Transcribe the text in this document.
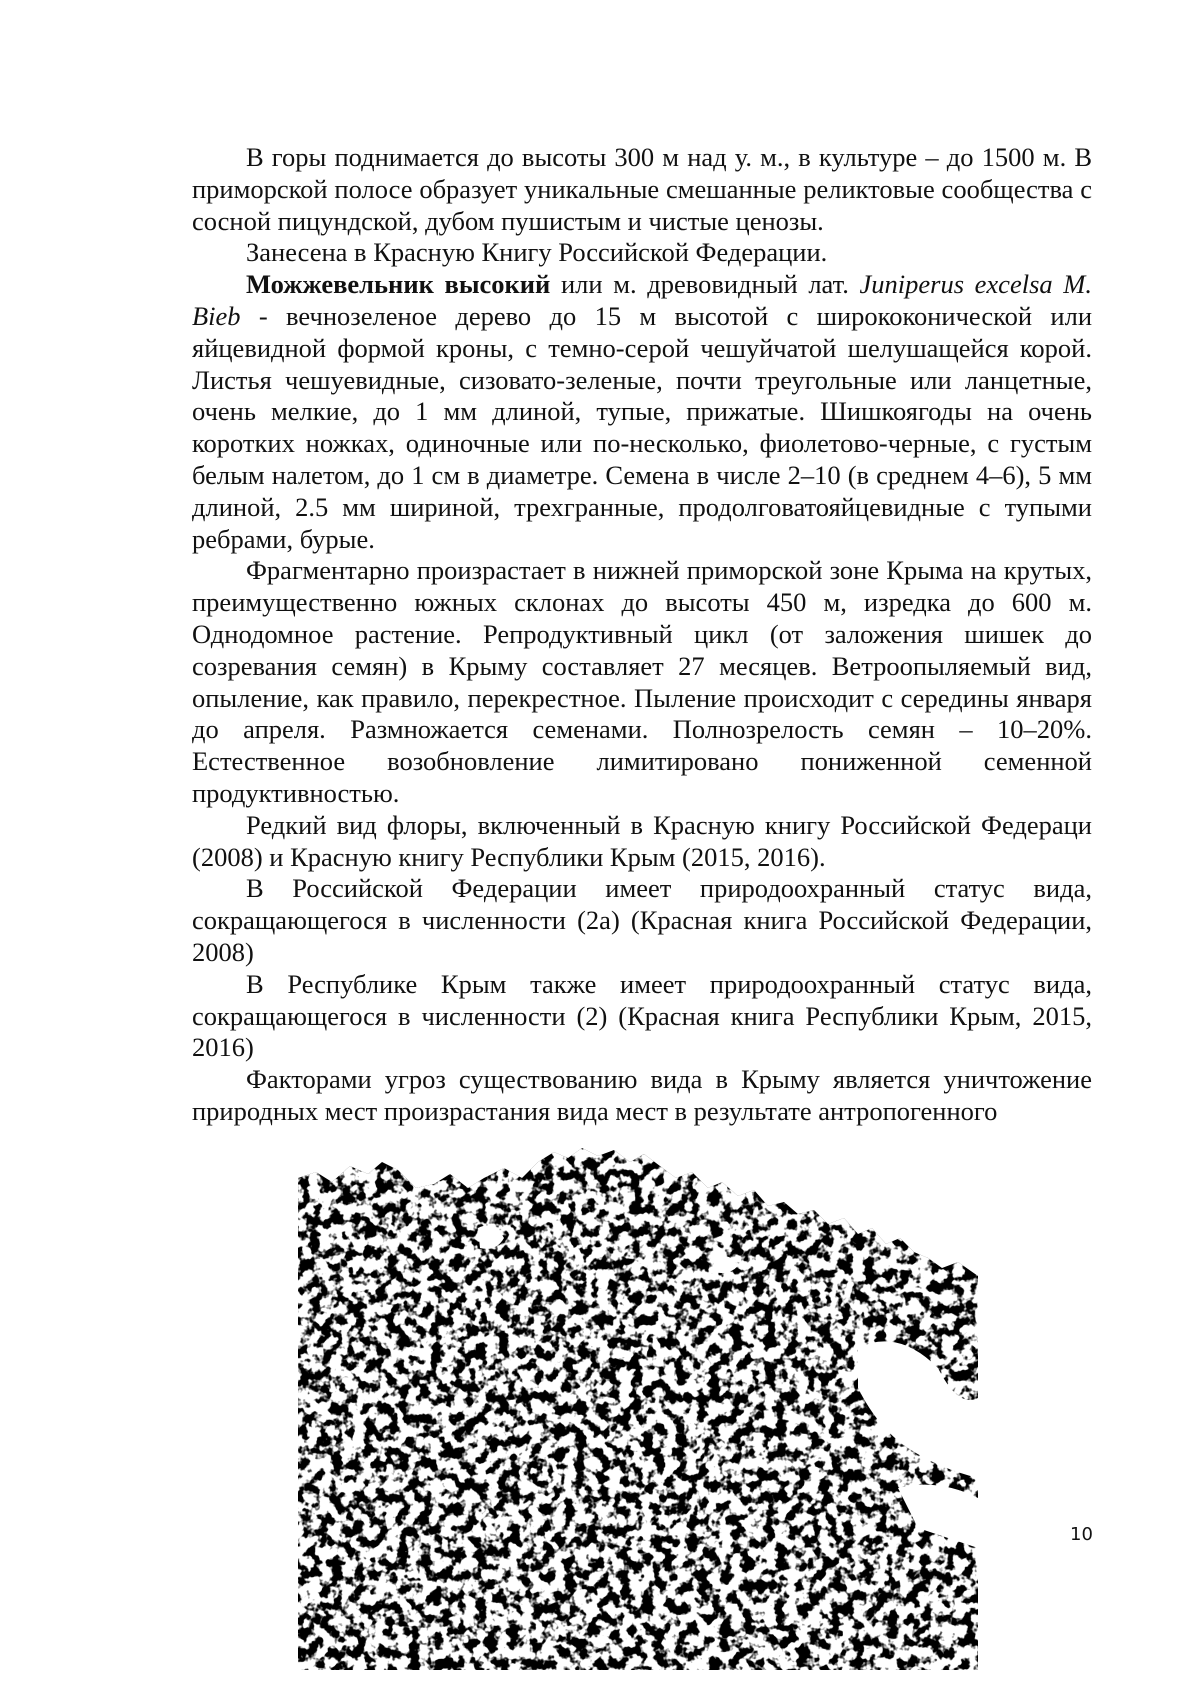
В горы поднимается до высоты 300 м над у. м., в культуре – до 1500 м. В приморской полосе образует уникальные смешанные реликтовые сообщества с сосной пицундской, дубом пушистым и чистые ценозы.

Занесена в Красную Книгу Российской Федерации.

Можжевельник высокий или м. древовидный лат. Juniperus excelsa M. Bieb - вечнозеленое дерево до 15 м высотой с ширококонической или яйцевидной формой кроны, с темно-серой чешуйчатой шелушащейся корой. Листья чешуевидные, сизовато-зеленые, почти треугольные или ланцетные, очень мелкие, до 1 мм длиной, тупые, прижатые. Шишкоягоды на очень коротких ножках, одиночные или по-несколько, фиолетово-черные, с густым белым налетом, до 1 см в диаметре. Семена в числе 2–10 (в среднем 4–6), 5 мм длиной, 2.5 мм шириной, трехгранные, продолговатояйцевидные с тупыми ребрами, бурые.

Фрагментарно произрастает в нижней приморской зоне Крыма на крутых, преимущественно южных склонах до высоты 450 м, изредка до 600 м. Однодомное растение. Репродуктивный цикл (от заложения шишек до созревания семян) в Крыму составляет 27 месяцев. Ветроопыляемый вид, опыление, как правило, перекрестное. Пыление происходит с середины января до апреля. Размножается семенами. Полнозрелость семян – 10–20%. Естественное возобновление лимитировано пониженной семенной продуктивностью.

Редкий вид флоры, включенный в Красную книгу Российской Федераци (2008) и Красную книгу Республики Крым (2015, 2016).

В Российской Федерации имеет природоохранный статус вида, сокращающегося в численности (2а) (Красная книга Российской Федерации, 2008)

В Республике Крым также имеет природоохранный статус вида, сокращающегося в численности (2) (Красная книга Республики Крым, 2015, 2016)

Факторами угроз существованию вида в Крыму является уничтожение природных мест произрастания вида мест в результате антропогенного

10
